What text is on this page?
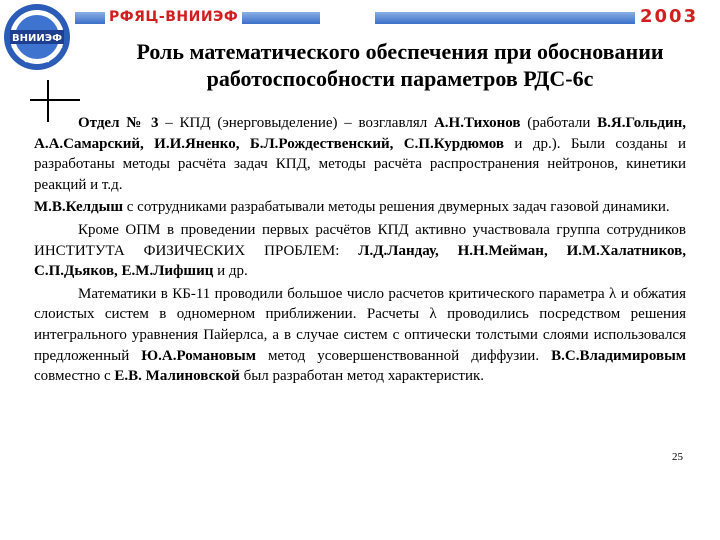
ВНИИЭФ
РФЯЦ-ВНИИЭФ	2003
Роль математического обеспечения при обосновании
работоспособности параметров РДС-6с

Отдел № 3 – КПД (энерговыделение) – возглавлял А.Н.Тихонов (работали В.Я.Гольдин, А.А.Самарский, И.И.Яненко, Б.Л.Рождественский, С.П.Курдюмов и др.). Были созданы и разработаны методы расчёта задач КПД, методы расчёта распространения нейтронов, кинетики реакций и т.д.

М.В.Келдыш с сотрудниками разрабатывали методы решения двумерных задач газовой динамики.

Кроме ОПМ в проведении первых расчётов КПД активно участвовала группа сотрудников ИНСТИТУТА ФИЗИЧЕСКИХ ПРОБЛЕМ: Л.Д.Ландау, Н.Н.Мейман, И.М.Халатников, С.П.Дьяков, Е.М.Лифшиц и др.

Математики в КБ-11 проводили большое число расчетов критического параметра λ и обжатия слоистых систем в одномерном приближении. Расчеты λ проводились посредством решения интегрального уравнения Пайерлса, а в случае систем с оптически толстыми слоями использовался предложенный Ю.А.Романовым метод усовершенствованной диффузии. В.С.Владимировым совместно с Е.В. Малиновской был разработан метод характеристик.

25
